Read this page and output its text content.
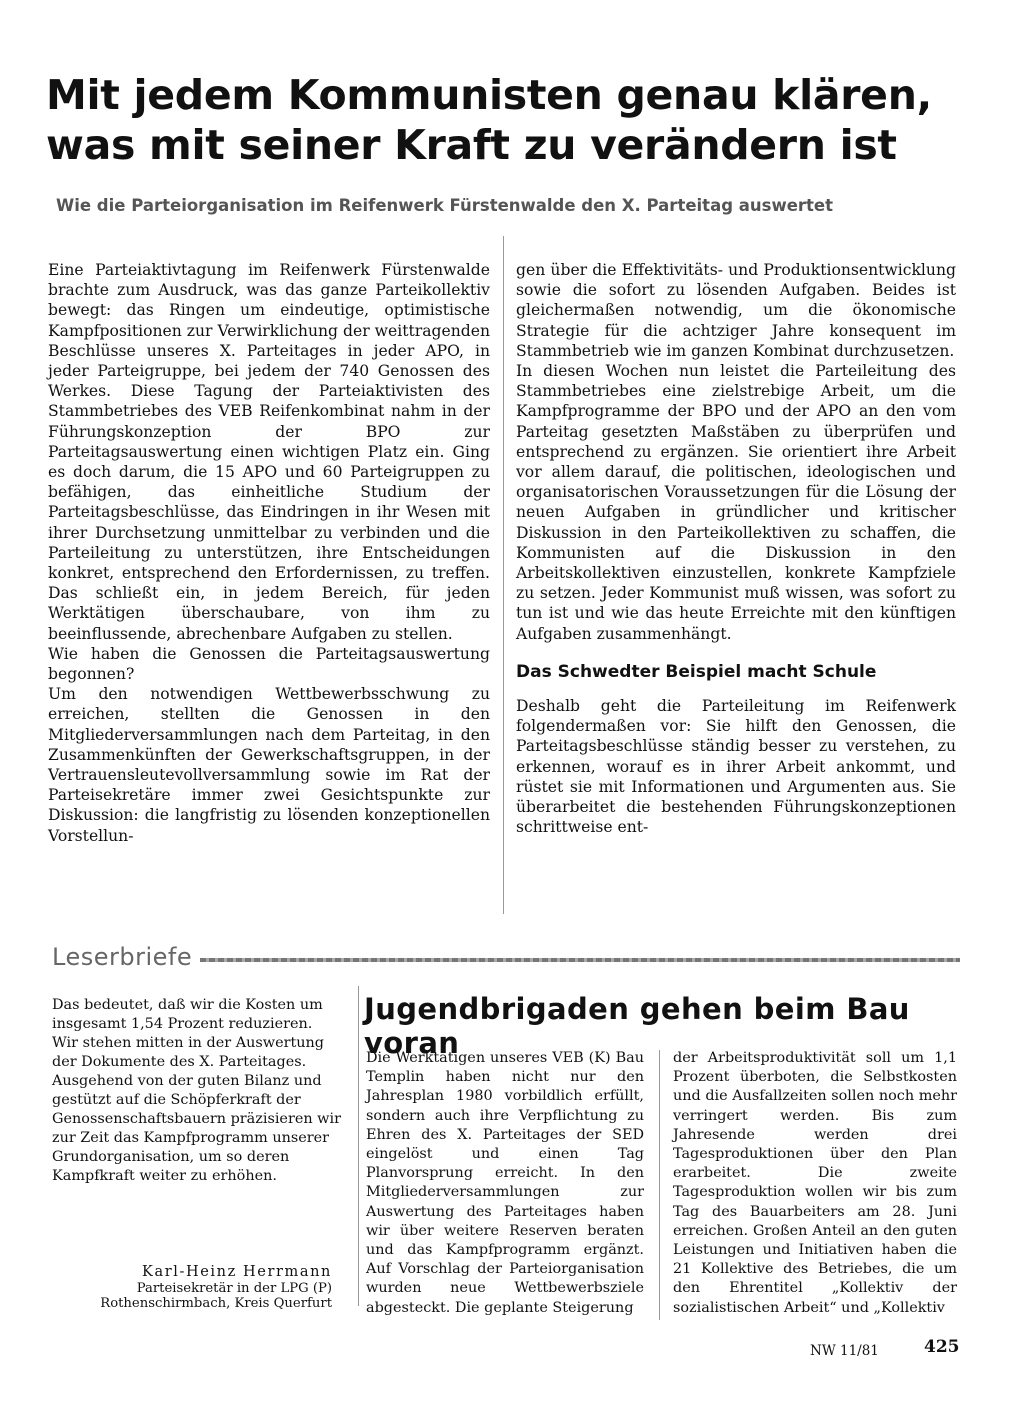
Mit jedem Kommunisten genau klären,
was mit seiner Kraft zu verändern ist
Wie die Parteiorganisation im Reifenwerk Fürstenwalde den X. Parteitag auswertet

Eine Parteiaktivtagung im Reifenwerk Fürstenwalde brachte zum Ausdruck, was das ganze Parteikollektiv bewegt: das Ringen um eindeutige, optimistische Kampfpositionen zur Verwirklichung der weittragenden Beschlüsse unseres X. Parteitages in jeder APO, in jeder Parteigruppe, bei jedem der 740 Genossen des Werkes. Diese Tagung der Parteiaktivisten des Stammbetriebes des VEB Reifenkombinat nahm in der Führungskonzeption der BPO zur Parteitagsauswertung einen wichtigen Platz ein. Ging es doch darum, die 15 APO und 60 Parteigruppen zu befähigen, das einheitliche Studium der Parteitagsbeschlüsse, das Eindringen in ihr Wesen mit ihrer Durchsetzung unmittelbar zu verbinden und die Parteileitung zu unterstützen, ihre Entscheidungen konkret, entsprechend den Erfordernissen, zu treffen. Das schließt ein, in jedem Bereich, für jeden Werktätigen überschaubare, von ihm zu beeinflussende, abrechenbare Aufgaben zu stellen.

Wie haben die Genossen die Parteitagsauswertung begonnen?

Um den notwendigen Wettbewerbsschwung zu erreichen, stellten die Genossen in den Mitgliederversammlungen nach dem Parteitag, in den Zusammenkünften der Gewerkschaftsgruppen, in der Vertrauensleutevollversammlung sowie im Rat der Parteisekretäre immer zwei Gesichtspunkte zur Diskussion: die langfristig zu lösenden konzeptionellen Vorstellun-

gen über die Effektivitäts- und Produktionsentwicklung sowie die sofort zu lösenden Aufgaben. Beides ist gleichermaßen notwendig, um die ökonomische Strategie für die achtziger Jahre konsequent im Stammbetrieb wie im ganzen Kombinat durchzusetzen.

In diesen Wochen nun leistet die Parteileitung des Stammbetriebes eine zielstrebige Arbeit, um die Kampfprogramme der BPO und der APO an den vom Parteitag gesetzten Maßstäben zu überprüfen und entsprechend zu ergänzen. Sie orientiert ihre Arbeit vor allem darauf, die politischen, ideologischen und organisatorischen Voraussetzungen für die Lösung der neuen Aufgaben in gründlicher und kritischer Diskussion in den Parteikollektiven zu schaffen, die Kommunisten auf die Diskussion in den Arbeitskollektiven einzustellen, konkrete Kampfziele zu setzen. Jeder Kommunist muß wissen, was sofort zu tun ist und wie das heute Erreichte mit den künftigen Aufgaben zusammenhängt.

Das Schwedter Beispiel macht Schule

Deshalb geht die Parteileitung im Reifenwerk folgendermaßen vor: Sie hilft den Genossen, die Parteitagsbeschlüsse ständig besser zu verstehen, zu erkennen, worauf es in ihrer Arbeit ankommt, und rüstet sie mit Informationen und Argumenten aus. Sie überarbeitet die bestehenden Führungskonzeptionen schrittweise ent-

Leserbriefe

Das bedeutet, daß wir die Kosten um insgesamt 1,54 Prozent reduzieren.

Wir stehen mitten in der Auswertung der Dokumente des X. Parteitages. Ausgehend von der guten Bilanz und gestützt auf die Schöpferkraft der Genossenschaftsbauern präzisieren wir zur Zeit das Kampfprogramm unserer Grundorganisation, um so deren Kampfkraft weiter zu erhöhen.

Karl-Heinz Herrmann
Parteisekretär in der LPG (P)
Rothenschirmbach, Kreis Querfurt
Jugendbrigaden gehen beim Bau voran

Die Werktätigen unseres VEB (K) Bau Templin haben nicht nur den Jahresplan 1980 vorbildlich erfüllt, sondern auch ihre Verpflichtung zu Ehren des X. Parteitages der SED eingelöst und einen Tag Planvorsprung erreicht. In den Mitgliederversammlungen zur Auswertung des Parteitages haben wir über weitere Reserven beraten und das Kampfprogramm ergänzt. Auf Vorschlag der Parteiorganisation wurden neue Wettbewerbsziele abgesteckt. Die geplante Steigerung

der Arbeitsproduktivität soll um 1,1 Prozent überboten, die Selbstkosten und die Ausfallzeiten sollen noch mehr verringert werden. Bis zum Jahresende werden drei Tagesproduktionen über den Plan erarbeitet. Die zweite Tagesproduktion wollen wir bis zum Tag des Bauarbeiters am 28. Juni erreichen. Großen Anteil an den guten Leistungen und Initiativen haben die 21 Kollektive des Betriebes, die um den Ehrentitel „Kollektiv der sozialistischen Arbeit“ und „Kollektiv

NW 11/81	425
